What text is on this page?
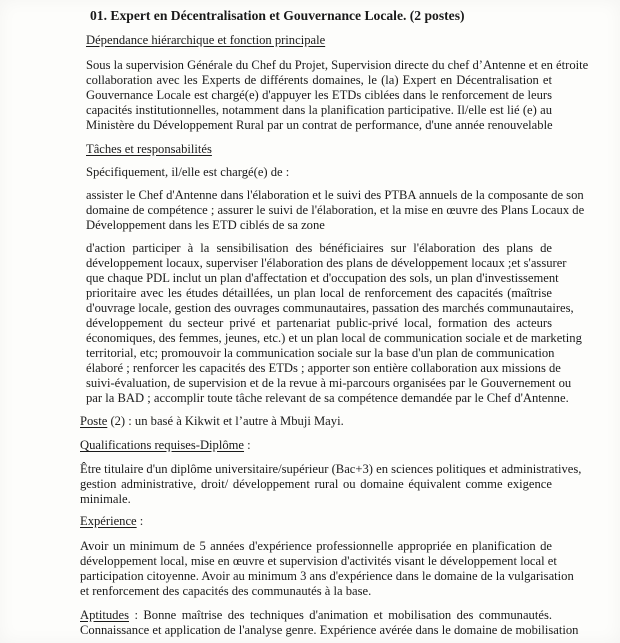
01. Expert en Décentralisation et Gouvernance Locale. (2 postes)
Dépendance hiérarchique et fonction principale
Sous la supervision Générale du Chef du Projet, Supervision directe du chef d’Antenne et en étroite
collaboration avec les Experts de différents domaines, le (la) Expert en Décentralisation et
Gouvernance Locale est chargé(e) d'appuyer les ETDs ciblées dans le renforcement de leurs
capacités institutionnelles, notamment dans la planification participative. Il/elle est lié (e) au
Ministère du Développement Rural par un contrat de performance, d'une année renouvelable
Tâches et responsabilités
Spécifiquement, il/elle est chargé(e) de :
assister le Chef d'Antenne dans l'élaboration et le suivi des PTBA annuels de la composante de son
domaine de compétence ; assurer le suivi de l'élaboration, et la mise en œuvre des Plans Locaux de
Développement dans les ETD ciblés de sa zone
d'action participer à la sensibilisation des bénéficiaires sur l'élaboration des plans de
développement locaux, superviser l'élaboration des plans de développement locaux ;et s'assurer
que chaque PDL inclut un plan d'affectation et d'occupation des sols, un plan d'investissement
prioritaire avec les études détaillées, un plan local de renforcement des capacités (maîtrise
d'ouvrage locale, gestion des ouvrages communautaires, passation des marchés communautaires,
développement du secteur privé et partenariat public-privé local, formation des acteurs
économiques, des femmes, jeunes, etc.) et un plan local de communication sociale et de marketing
territorial, etc; promouvoir la communication sociale sur la base d'un plan de communication
élaboré ; renforcer les capacités des ETDs ; apporter son entière collaboration aux missions de
suivi-évaluation, de supervision et de la revue à mi-parcours organisées par le Gouvernement ou
par la BAD ; accomplir toute tâche relevant de sa compétence demandée par le Chef d'Antenne.
Poste (2) : un basé à Kikwit et l’autre à Mbuji Mayi.
Qualifications requises-Diplôme :
Être titulaire d'un diplôme universitaire/supérieur (Bac+3) en sciences politiques et administratives,
gestion administrative, droit/ développement rural ou domaine équivalent comme exigence
minimale.
Expérience :
Avoir un minimum de 5 années d'expérience professionnelle appropriée en planification de
développement local, mise en œuvre et supervision d'activités visant le développement local et
participation citoyenne. Avoir au minimum 3 ans d'expérience dans le domaine de la vulgarisation
et renforcement des capacités des communautés à la base.
Aptitudes : Bonne maîtrise des techniques d'animation et mobilisation des communautés.
Connaissance et application de l'analyse genre. Expérience avérée dans le domaine de mobilisation
